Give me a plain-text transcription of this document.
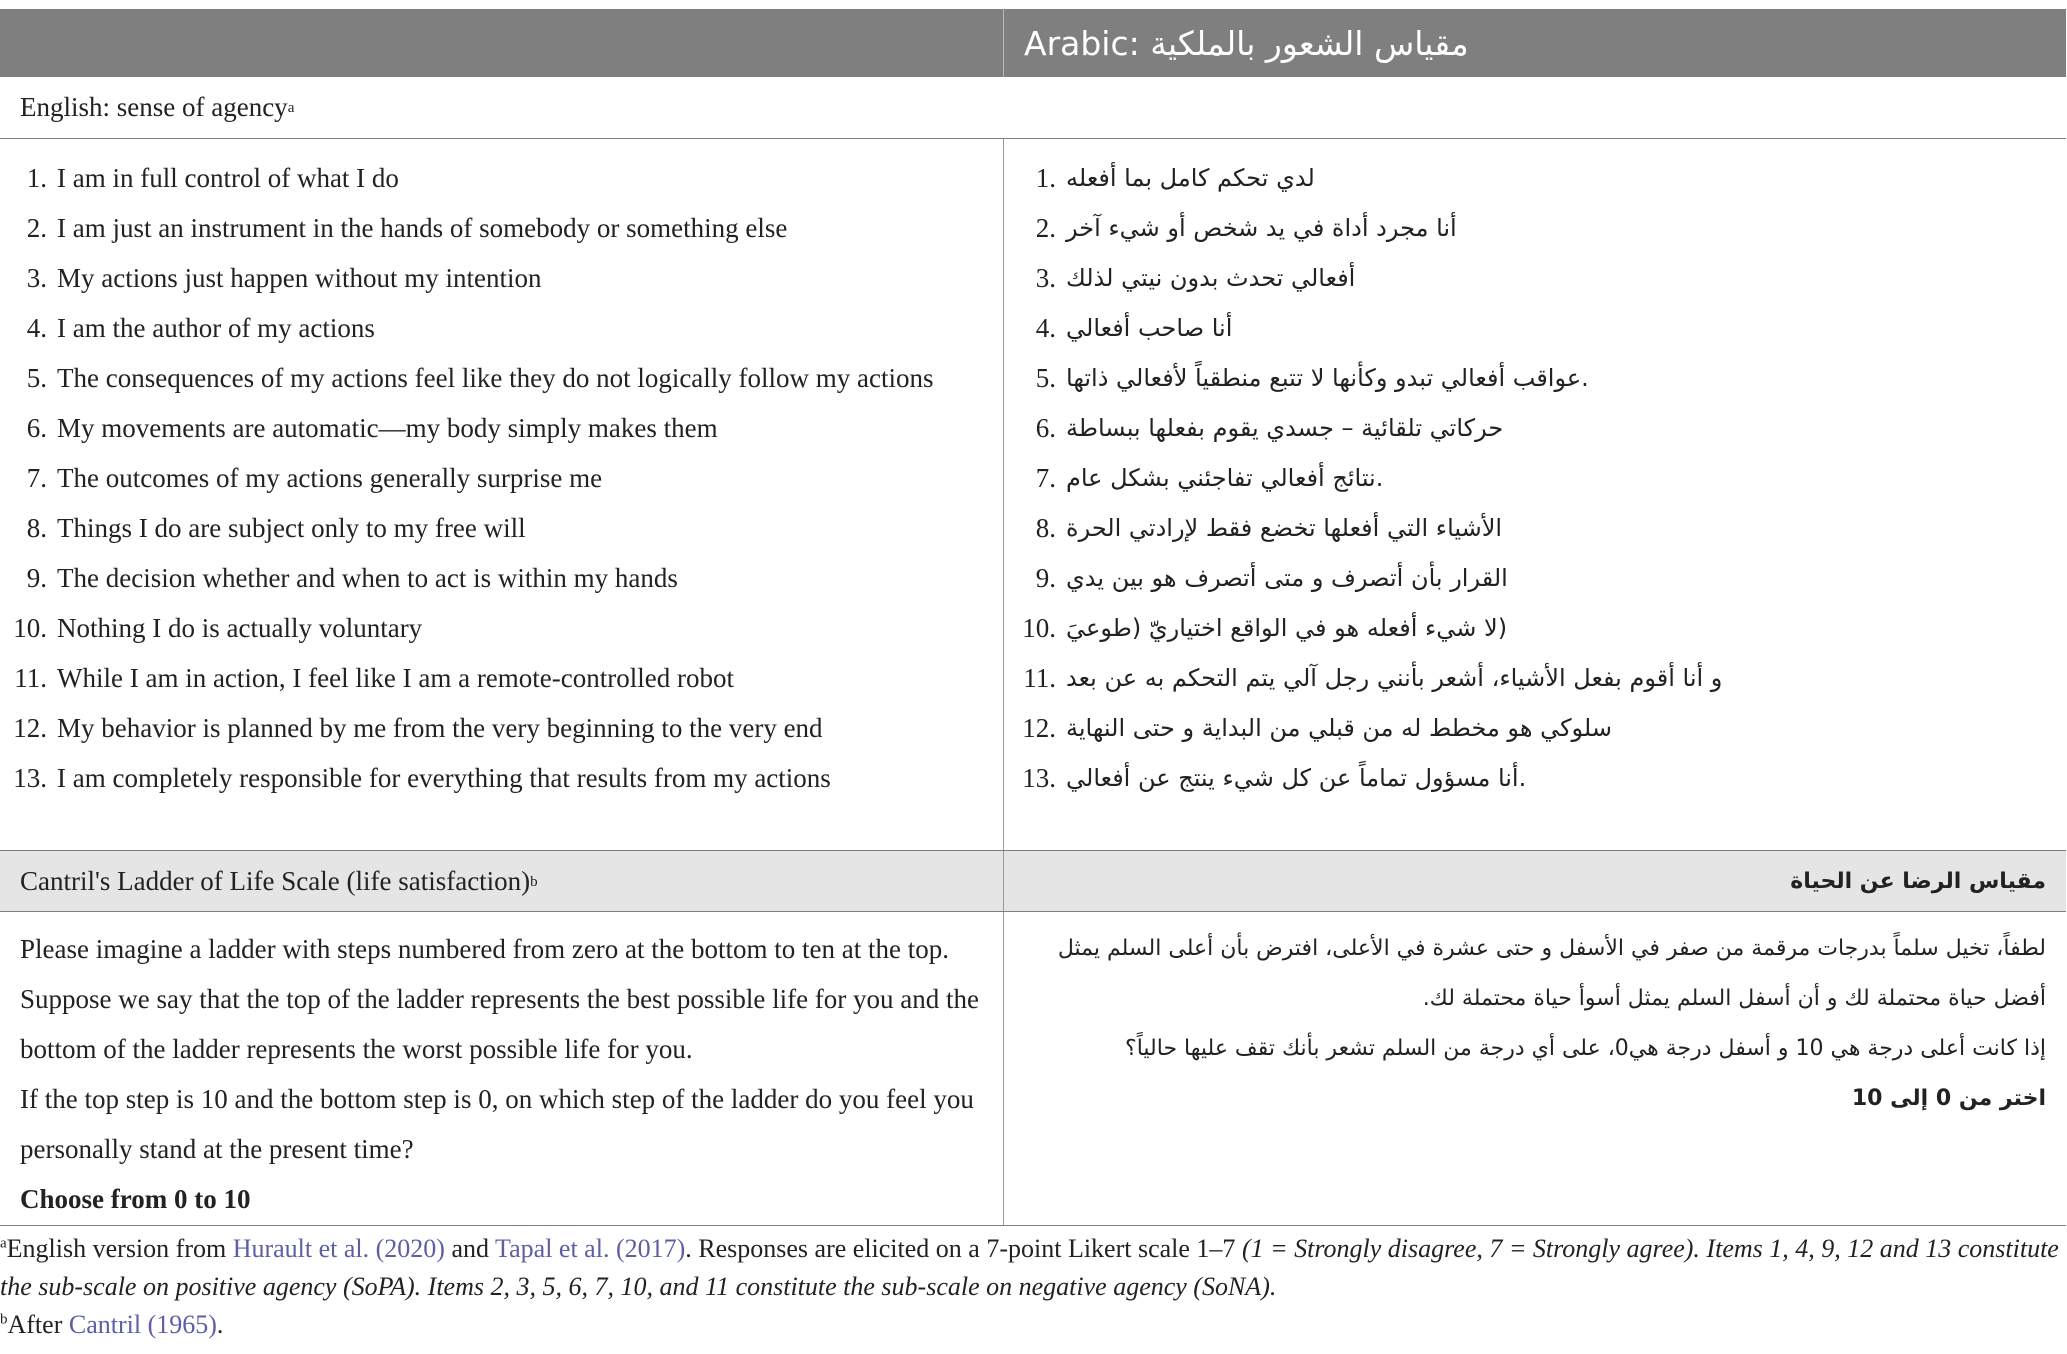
Arabic: مقياس الشعور بالملكية
English: sense of agency a
1. I am in full control of what I do
2. I am just an instrument in the hands of somebody or something else
3. My actions just happen without my intention
4. I am the author of my actions
5. The consequences of my actions feel like they do not logically follow my actions
6. My movements are automatic—my body simply makes them
7. The outcomes of my actions generally surprise me
8. Things I do are subject only to my free will
9. The decision whether and when to act is within my hands
10. Nothing I do is actually voluntary
11. While I am in action, I feel like I am a remote-controlled robot
12. My behavior is planned by me from the very beginning to the very end
13. I am completely responsible for everything that results from my actions
1. لدي تحكم كامل بما أفعله
2. أنا مجرد أداة في يد شخص أو شيء آخر
3. أفعالي تحدث بدون نيتي لذلك
4. أنا صاحب أفعالي
5. .عواقب أفعالي تبدو وكأنها لا تتبع منطقياً لأفعالي ذاتها
6. حركاتي تلقائية – جسدي يقوم بفعلها ببساطة
7. .نتائج أفعالي تفاجئني بشكل عام
8. الأشياء التي أفعلها تخضع فقط لإرادتي الحرة
9. القرار بأن أتصرف و متى أتصرف هو بين يدي
10. (لا شيء أفعله هو في الواقع اختياريّ (طوعيَ
11. و أنا أقوم بفعل الأشياء، أشعر بأنني رجل آلي يتم التحكم به عن بعد
12. سلوكي هو مخطط له من قبلي من البداية و حتى النهاية
13. .أنا مسؤول تماماً عن كل شيء ينتج عن أفعالي
Cantril's Ladder of Life Scale (life satisfaction) b	مقياس الرضا عن الحياة

Please imagine a ladder with steps numbered from zero at the bottom to ten at the top. Suppose we say that the top of the ladder represents the best possible life for you and the bottom of the ladder represents the worst possible life for you.

If the top step is 10 and the bottom step is 0, on which step of the ladder do you feel you personally stand at the present time?

Choose from 0 to 10

لطفاً، تخيل سلماً بدرجات مرقمة من صفر في الأسفل و حتى عشرة في الأعلى، افترض بأن أعلى السلم يمثل أفضل حياة محتملة لك و أن أسفل السلم يمثل أسوأ حياة محتملة لك.

إذا كانت أعلى درجة هي 10 و أسفل درجة هي0، على أي درجة من السلم تشعر بأنك تقف عليها حالياً؟

اختر من 0 إلى 10

$^a$English version from Hurault et al. (2020) and Tapal et al. (2017). Responses are elicited on a 7-point Likert scale 1–7 (1 = Strongly disagree, 7 = Strongly agree). Items 1, 4, 9, 12 and 13 constitute the sub-scale on positive agency (SoPA). Items 2, 3, 5, 6, 7, 10, and 11 constitute the sub-scale on negative agency (SoNA).

$^b$After Cantril (1965).
